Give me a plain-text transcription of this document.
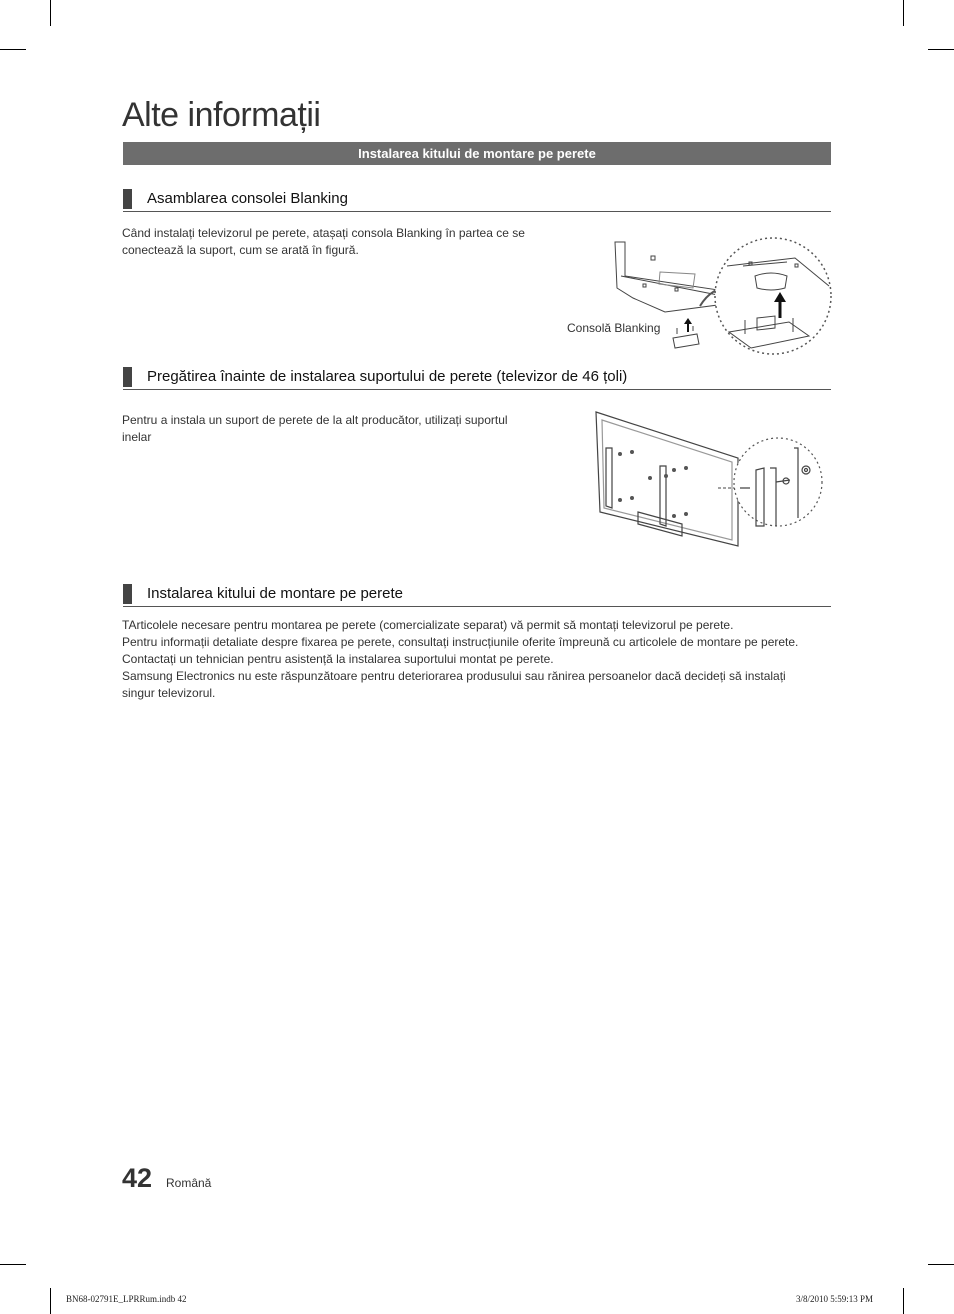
Alte informații
Instalarea kitului de montare pe perete
Asamblarea consolei Blanking

Când instalați televizorul pe perete, atașați consola Blanking în partea ce se
conectează la suport, cum se arată în figură.

Consolă Blanking
Pregătirea înainte de instalarea suportului de perete (televizor de 46 țoli)

Pentru a instala un suport de perete de la alt producător, utilizați suportul
inelar

Instalarea kitului de montare pe perete

TArticolele necesare pentru montarea pe perete (comercializate separat) vă permit să montați televizorul pe perete.
Pentru informații detaliate despre fixarea pe perete, consultați instrucțiunile oferite împreună cu articolele de montare pe perete.
Contactați un tehnician pentru asistență la instalarea suportului montat pe perete.
Samsung Electronics nu este răspunzătoare pentru deteriorarea produsului sau rănirea persoanelor dacă decideți să instalați
singur televizorul.

42 Română
BN68-02791E_LPRRum.indb 42	3/8/2010 5:59:13 PM
